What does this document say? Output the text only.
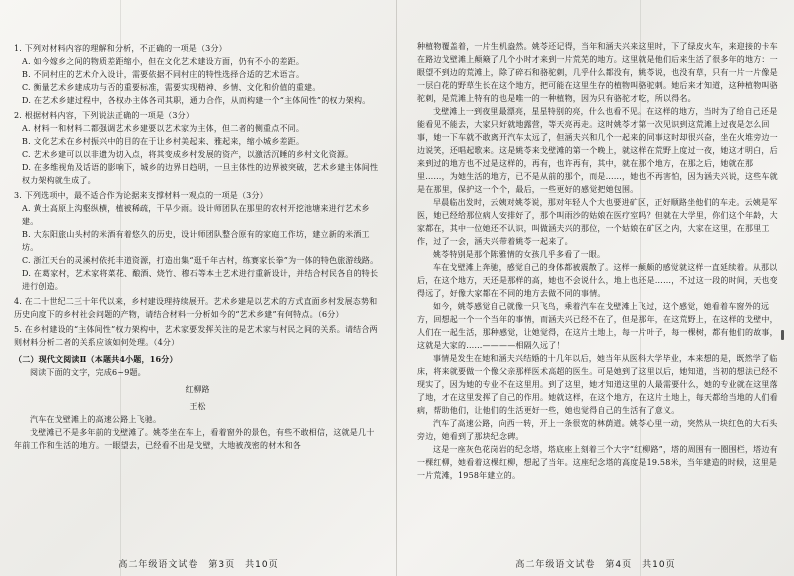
1. 下列对材料内容的理解和分析，不正确的一项是（3分）

A. 如今嫁乡之间的物质差距缩小，但在文化艺术建设方面，仍有不小的差距。

B. 不同村庄的艺术介入设计，需要依据不同村庄的特性选择合适的艺术语言。

C. 衡量艺术乡建成功与否的重要标准，需要实现精神、乡情、文化和价值的重建。

D. 在艺术乡建过程中，各权办主体各司其职，通力合作，从而构建一个“主体间性”的权力架构。

2. 根据材料内容，下列说法正确的一项是（3分）

A. 材料一和材料二都强调艺术乡建要以艺术家为主体，但二者的侧重点不同。

B. 文化艺术在乡村振兴中的目的在于让乡村美起来、雅起来，缩小城乡差距。

C. 艺术乡建可以以非遗为切入点，将其变成乡村发展的资产，以激活沉睡的乡村文化资源。

D. 在多维视角及话语的影响下，城乡的边界日趋明，一旦主体性的边界被突破，艺术乡建主体间性权力架构就生成了。

3. 下列选项中，最不适合作为论据来支撑材料一观点的一项是（3分）

A. 黄土高原上沟壑纵横，植被稀疏，干旱少雨。设计师团队在那里的农村开挖池塘来进行艺术乡建。

B. 大东阳旅山头村的米酒有着悠久的历史，设计师团队整合原有的家庭工作坊，建立新的米酒工坊。

C. 浙江天台的灵溪村依托丰道资源，打造出集“逛千年古村，练赛家长拳”为一体的特色旅游线路。

D. 在葛家村，艺术家将菜花、酿酒、烧竹、穆石等本土艺术进行重新设计，并结合村民各自的特长进行创造。

4. 在二十世纪二三十年代以来，乡村建设理持续展开。艺术乡建是以艺术的方式直面乡村发展态势和历史向度下的乡村社会问题的产物，请结合材料一分析如今的“艺术乡建”有何特点。（6分）

5. 在乡村建设的“主体间性”权力架构中，艺术家要发挥关注的是艺术家与村民之间的关系。请结合两则材料分析二者的关系应该如何处理。（4分）

（二）现代文阅读Ⅱ（本题共4小题，16分）

阅读下面的文字，完成6~9题。

红柳路

王松

汽车在戈壁滩上的高速公路上飞驰。

戈壁滩已不是多年前的戈壁滩了。姚苓坐在车上，看着窗外的景色，有些不敢相信，这就是几十年前工作和生活的地方。一眼望去，已经看不出是戈壁，大地被茂密的材木和各

高二年级语文试卷　第3页　共10页

种植物覆盖着，一片生机盎然。姚苓还记得，当年和涵夫兴来这里时，下了绿皮火车，来迎接的卡车在路边戈壁滩上颠簸了几个小时才来到一片荒芜的地方。这里就是他们后来生活了很多年的地方：一眼望不到边的荒滩上，除了碎石和骆驼刺，几乎什么都没有，姚苓说，也没有草，只有一片一片像是一层白花的野草生长在这个地方，把可能在这里生存的植物叫骆驼刺。她后来才知道，这种植物叫骆驼刺，是荒滩上特有的也是唯一的一种植物，因为只有骆驼才吃，所以得名。

戈壁滩上一到夜里最漂亮，星星特别的亮，什么也看不见。在这样的地方，当时为了给自己还是能看见不能去，大家只好就地露营，等天亮再走。这时姚苓才第一次见识到这荒滩上过夜是怎么回事，她一下车就不敢离开汽车太远了，但涵夫兴和几个一起来的同事这时却很兴奋，坐在火堆旁边一边说笑，还唱起歌来。这是姚苓来戈壁滩的第一个晚上，就这样在荒野上度过一夜，她这才明白，后来到过的地方也不过是这样的，再有，也许再有，其中，就在那个地方，在那之后，她就在那里……，为她生活的地方，已不是从前的那个，而是……，她也不再害怕，因为涵夫兴说，这些车就是在那里，保护这一个个，最后，一些更好的感觉把她包围。

早晨临出发时，云姨对姚苓说，那对年轻人个大也要进矿区，正好顺路坐他们的车走。云姨是军医，她已经给那位病人安排好了，那个叫雨沙的姑娘在医疗室吗？但就在大学里，你们这个年龄，大家都在，其中一位她还不认识，叫做涵夫兴的那位，一个姑娘在矿区之内，大家在这里，在那里工作，过了一会，涵夫兴带着姚苓一起来了。

姚苓特别是那个陈雅情的女孩几乎多看了一眼。

车在戈壁滩上奔驰，感觉自己的身体都被震散了。这样一颠颇的感觉就这样一直延续着。从那以后，在这个地方，天还是那样的高，她也不会说什么，地上也还是……，不过这一段的时间，天也变得远了，好像大家都在不同的地方去做不同的事情。

如今，姚苓感觉自己就像一只飞鸟，乘着汽车在戈壁滩上飞过，这个感觉，她看着车窗外的远方，回想起一个一个当年的事情，而涵夫兴已经不在了，但是那年，在这荒野上，在这样的戈壁中，人们在一起生活，那种感觉，让她觉得，在这片土地上，每一片叶子，每一棵树，都有他们的故事，这就是大家的……————相隔久远了！

事情是发生在她和涵夫兴结婚的十几年以后，她当年从医科大学毕业，本来想的是，既然学了临床，将来就要做一个像父亲那样医术高超的医生。可是她到了这里以后，她知道，当初的想法已经不现实了，因为她的专业不在这里用。到了这里，她才知道这里的人最需要什么，她的专业就在这里落了地，才在这里发挥了自己的作用。她就这样，在这个地方，在这片土地上，每天都给当地的人们看病，帮助他们，让他们的生活更好一些，她也觉得自己的生活有了意义。

汽车了高速公路，向西一转，开上一条很宽的林荫道。姚苓心里一动，突然从一块红色的大石头旁边，她看到了那块纪念碑。

这是一座灰色花岗岩的纪念塔，塔底座上刻着三个大字“红柳路”，塔的周围有一圈围栏，塔边有一棵红柳，她看着这棵红柳，想起了当年。这座纪念塔的高度是19.58米，当年建造的时候，这里是一片荒滩，1958年建立的。

高二年级语文试卷　第4页　共10页
